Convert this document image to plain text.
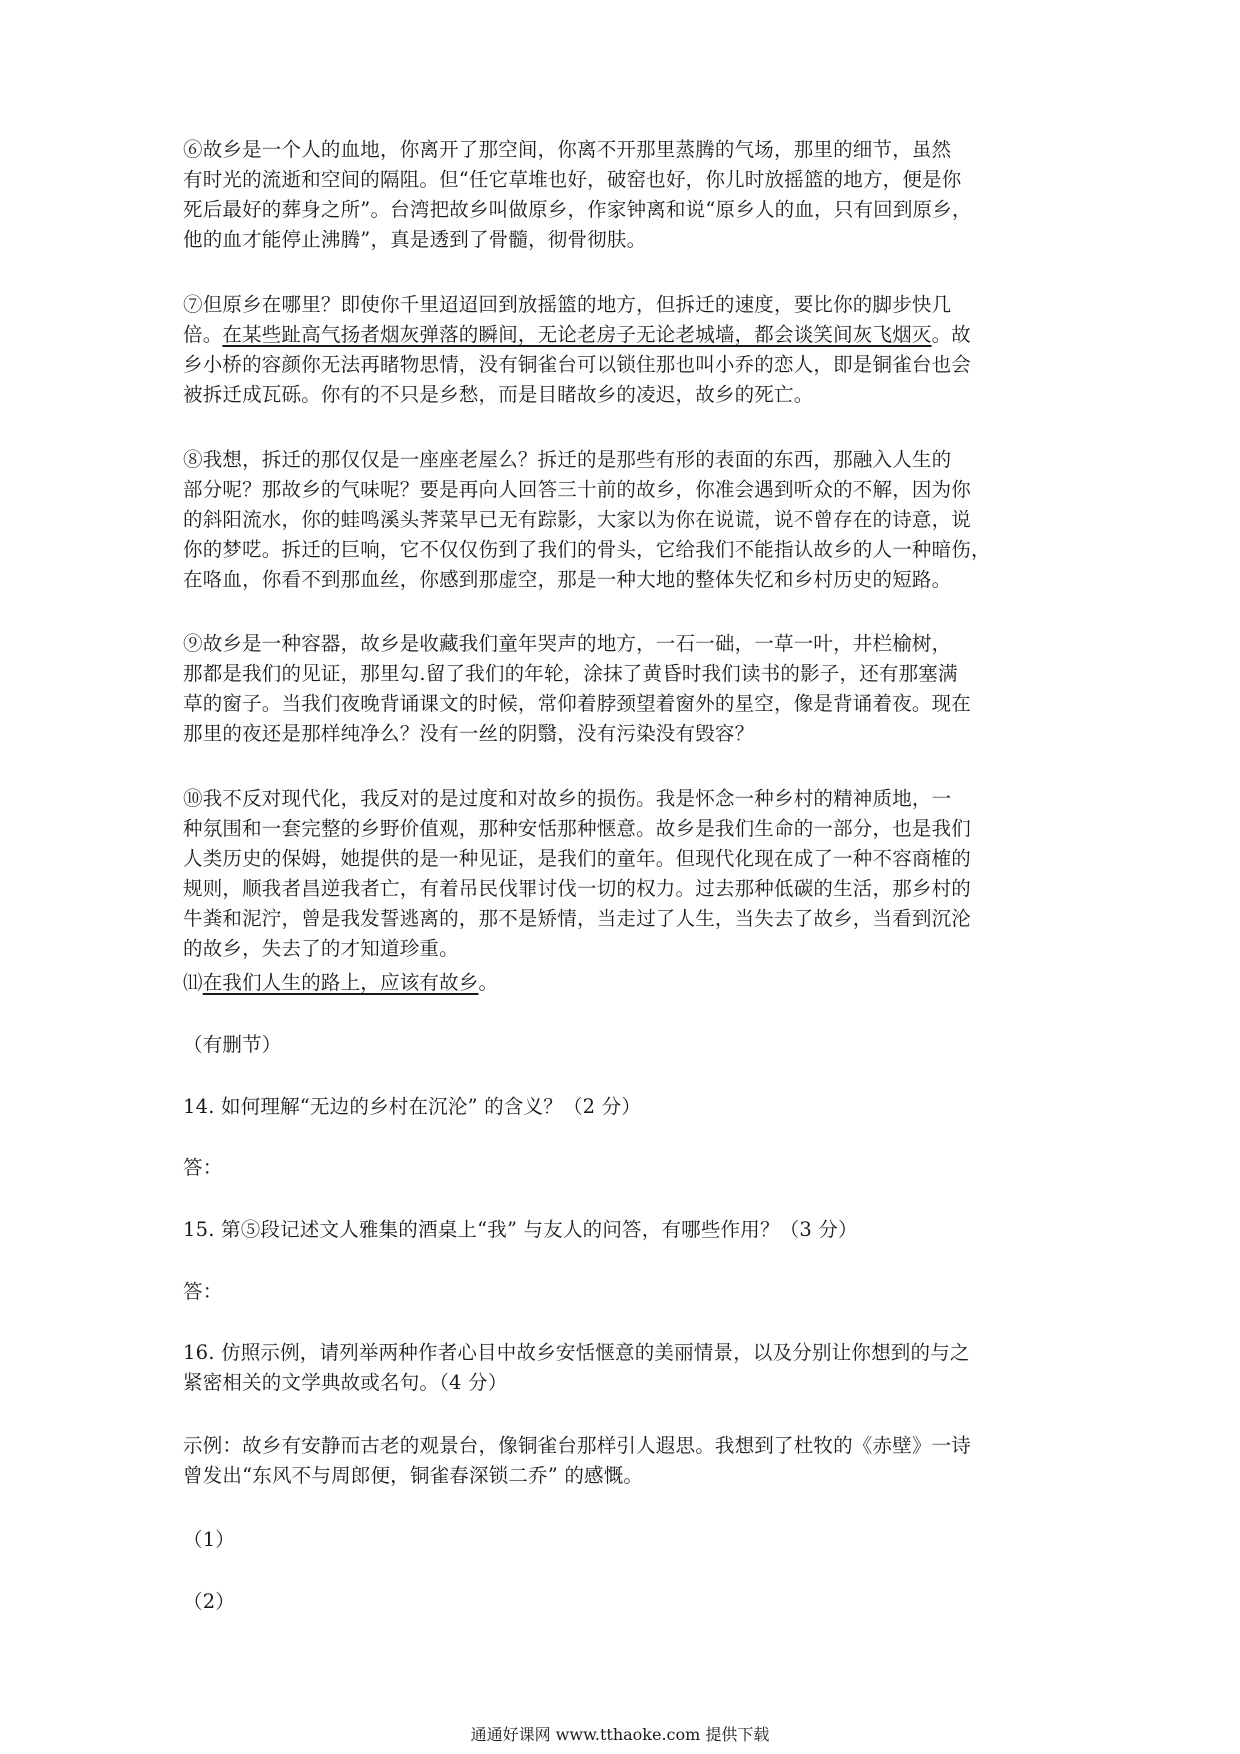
⑥故乡是一个人的血地，你离开了那空间，你离不开那里蒸腾的气场，那里的细节，虽然
有时光的流逝和空间的隔阻。但“任它草堆也好，破窑也好，你儿时放摇篮的地方，便是你
死后最好的葬身之所”。台湾把故乡叫做原乡，作家钟离和说“原乡人的血，只有回到原乡，
他的血才能停止沸腾”，真是透到了骨髓，彻骨彻肤。
⑦但原乡在哪里？即使你千里迢迢回到放摇篮的地方，但拆迁的速度，要比你的脚步快几
倍。在某些趾高气扬者烟灰弹落的瞬间，无论老房子无论老城墙，都会谈笑间灰飞烟灭。故
乡小桥的容颜你无法再睹物思情，没有铜雀台可以锁住那也叫小乔的恋人，即是铜雀台也会
被拆迁成瓦砾。你有的不只是乡愁，而是目睹故乡的凌迟，故乡的死亡。
⑧我想，拆迁的那仅仅是一座座老屋么？拆迁的是那些有形的表面的东西，那融入人生的
部分呢？那故乡的气味呢？要是再向人回答三十前的故乡，你准会遇到听众的不解，因为你
的斜阳流水，你的蛙鸣溪头荠菜早已无有踪影，大家以为你在说谎，说不曾存在的诗意，说
你的梦呓。拆迁的巨响，它不仅仅伤到了我们的骨头，它给我们不能指认故乡的人一种暗伤，
在咯血，你看不到那血丝，你感到那虚空，那是一种大地的整体失忆和乡村历史的短路。
⑨故乡是一种容器，故乡是收藏我们童年哭声的地方，一石一础，一草一叶，井栏榆树，
那都是我们的见证，那里勾.留了我们的年轮，涂抹了黄昏时我们读书的影子，还有那塞满
草的窗子。当我们夜晚背诵课文的时候，常仰着脖颈望着窗外的星空，像是背诵着夜。现在
那里的夜还是那样纯净么？没有一丝的阴翳，没有污染没有毁容？
⑩我不反对现代化，我反对的是过度和对故乡的损伤。我是怀念一种乡村的精神质地，一
种氛围和一套完整的乡野价值观，那种安恬那种惬意。故乡是我们生命的一部分，也是我们
人类历史的保姆，她提供的是一种见证，是我们的童年。但现代化现在成了一种不容商榷的
规则，顺我者昌逆我者亡，有着吊民伐罪讨伐一切的权力。过去那种低碳的生活，那乡村的
牛粪和泥泞，曾是我发誓逃离的，那不是矫情，当走过了人生，当失去了故乡，当看到沉沦
的故乡，失去了的才知道珍重。
⑾在我们人生的路上，应该有故乡。
（有删节）
14. 如何理解“无边的乡村在沉沦” 的含义？（2 分）
答：
15. 第⑤段记述文人雅集的酒桌上“我” 与友人的问答，有哪些作用？（3 分）
答：
16. 仿照示例，请列举两种作者心目中故乡安恬惬意的美丽情景，以及分别让你想到的与之
紧密相关的文学典故或名句。（4 分）
示例：故乡有安静而古老的观景台，像铜雀台那样引人遐思。我想到了杜牧的《赤壁》一诗
曾发出“东风不与周郎便，铜雀春深锁二乔” 的感慨。
（1）
（2）
通通好课网 www.tthaoke.com 提供下载
